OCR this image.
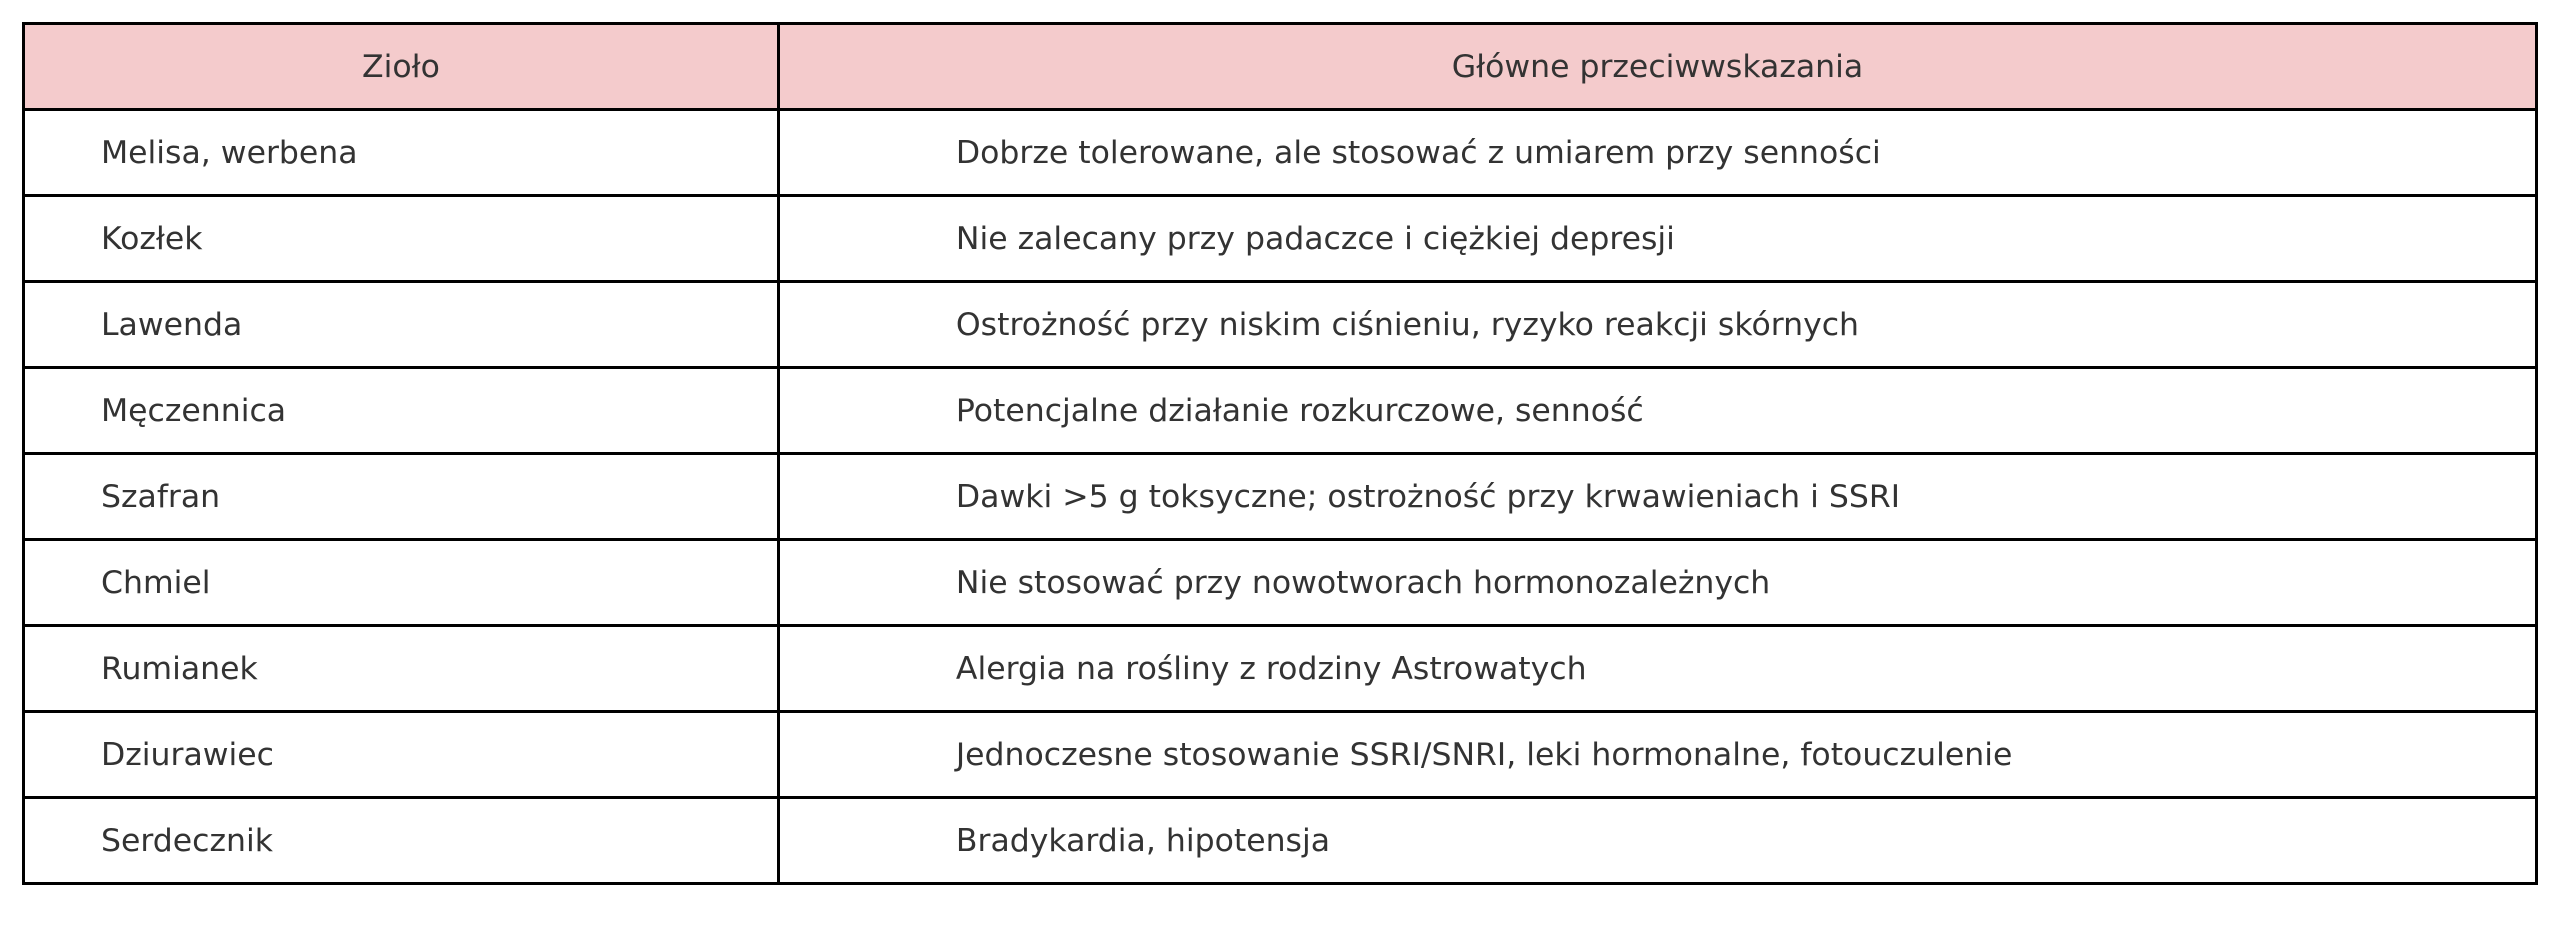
Zioło	Główne przeciwwskazania
Melisa, werbena	Dobrze tolerowane, ale stosować z umiarem przy senności
Kozłek	Nie zalecany przy padaczce i ciężkiej depresji
Lawenda	Ostrożność przy niskim ciśnieniu, ryzyko reakcji skórnych
Męczennica	Potencjalne działanie rozkurczowe, senność
Szafran	Dawki >5 g toksyczne; ostrożność przy krwawieniach i SSRI
Chmiel	Nie stosować przy nowotworach hormonozależnych
Rumianek	Alergia na rośliny z rodziny Astrowatych
Dziurawiec	Jednoczesne stosowanie SSRI/SNRI, leki hormonalne, fotouczulenie
Serdecznik	Bradykardia, hipotensja
